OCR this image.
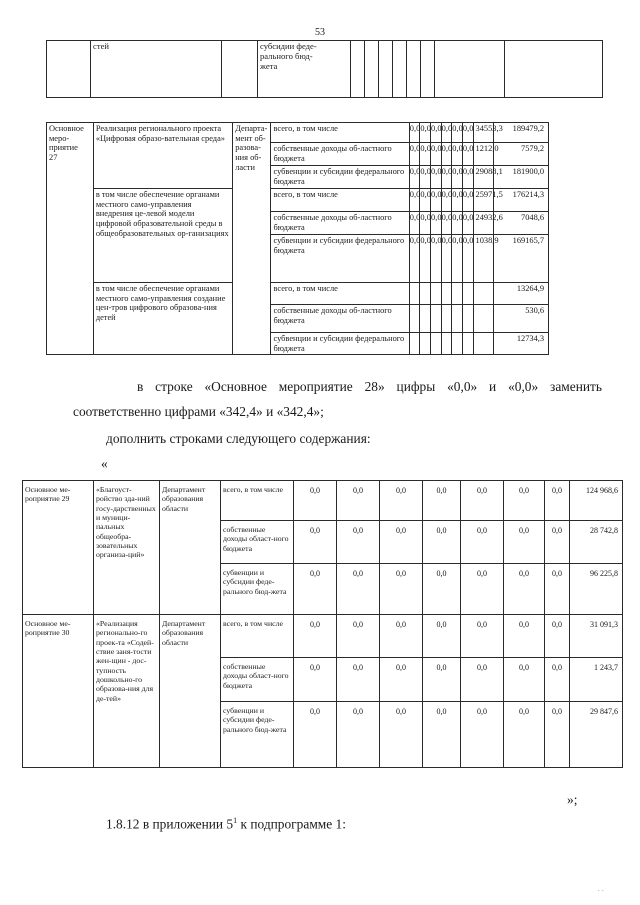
53
	стей		субсидии феде-
рального бюд-
жета								
Основное
меро-
приятие
27	Реализация регионального проекта «Цифровая образо-вательная среда»	Департа-
мент об-
разова-
ния об-
ласти	всего, в том числе	0,0	0,0	0,0	0,0	0,0	0,0	34553,3	189479,2
			собственные доходы об-ластного бюджета	0,0	0,0	0,0	0,0	0,0	0,0	1212,0	7579,2
			субвенции и субсидии федерального бюджета	0,0	0,0	0,0	0,0	0,0	0,0	29088,1	181900,0
	в том числе обеспечение органами местного само-управления внедрения це-левой модели цифровой образовательной среды в общеобразовательных ор-ганизациях		всего, в том числе	0,0	0,0	0,0	0,0	0,0	0,0	25971,5	176214,3
			собственные доходы об-ластного бюджета	0,0	0,0	0,0	0,0	0,0	0,0	24932,6	7048,6
			субвенции и субсидии федерального бюджета	0,0	0,0	0,0	0,0	0,0	0,0	1038,9	169165,7
	в том числе обеспечение органами местного само-управления создание цен-тров цифрового образова-ния детей		всего, в том числе								13264,9
			собственные доходы об-ластного бюджета								530,6
			субвенции и субсидии федерального бюджета								12734,3
в строке «Основное мероприятие 28» цифры «0,0» и «0,0» заменить
соответственно цифрами «342,4» и «342,4»;
дополнить строками следующего содержания:
«
Основное ме-роприятие 29	«Благоуст-ройство зда-ний госу-дарственных и муници-пальных общеобра-зовательных организа-ций»	Департамент образования области	всего, в том числе	0,0	0,0	0,0	0,0	0,0	0,0	0,0	124 968,6
			собственные доходы облаcт-ного бюджета	0,0	0,0	0,0	0,0	0,0	0,0	0,0	28 742,8
			субвенции и субсидии феде-рального бюд-жета	0,0	0,0	0,0	0,0	0,0	0,0	0,0	96 225,8
Основное ме-роприятие 30	«Реализация регионально-го проек-та «Содей-ствие заня-тости жен-щин - дос-тупность дошкольно-го образова-ния для де-тей»	Департамент образования области	всего, в том числе	0,0	0,0	0,0	0,0	0,0	0,0	0,0	31 091,3
			собственные доходы облаcт-ного бюджета	0,0	0,0	0,0	0,0	0,0	0,0	0,0	1 243,7
			субвенции и субсидии феде-рального бюд-жета	0,0	0,0	0,0	0,0	0,0	0,0	0,0	29 847,6
»;
1.8.12 в приложении $5^1$ к подпрограмме 1:
· ·
